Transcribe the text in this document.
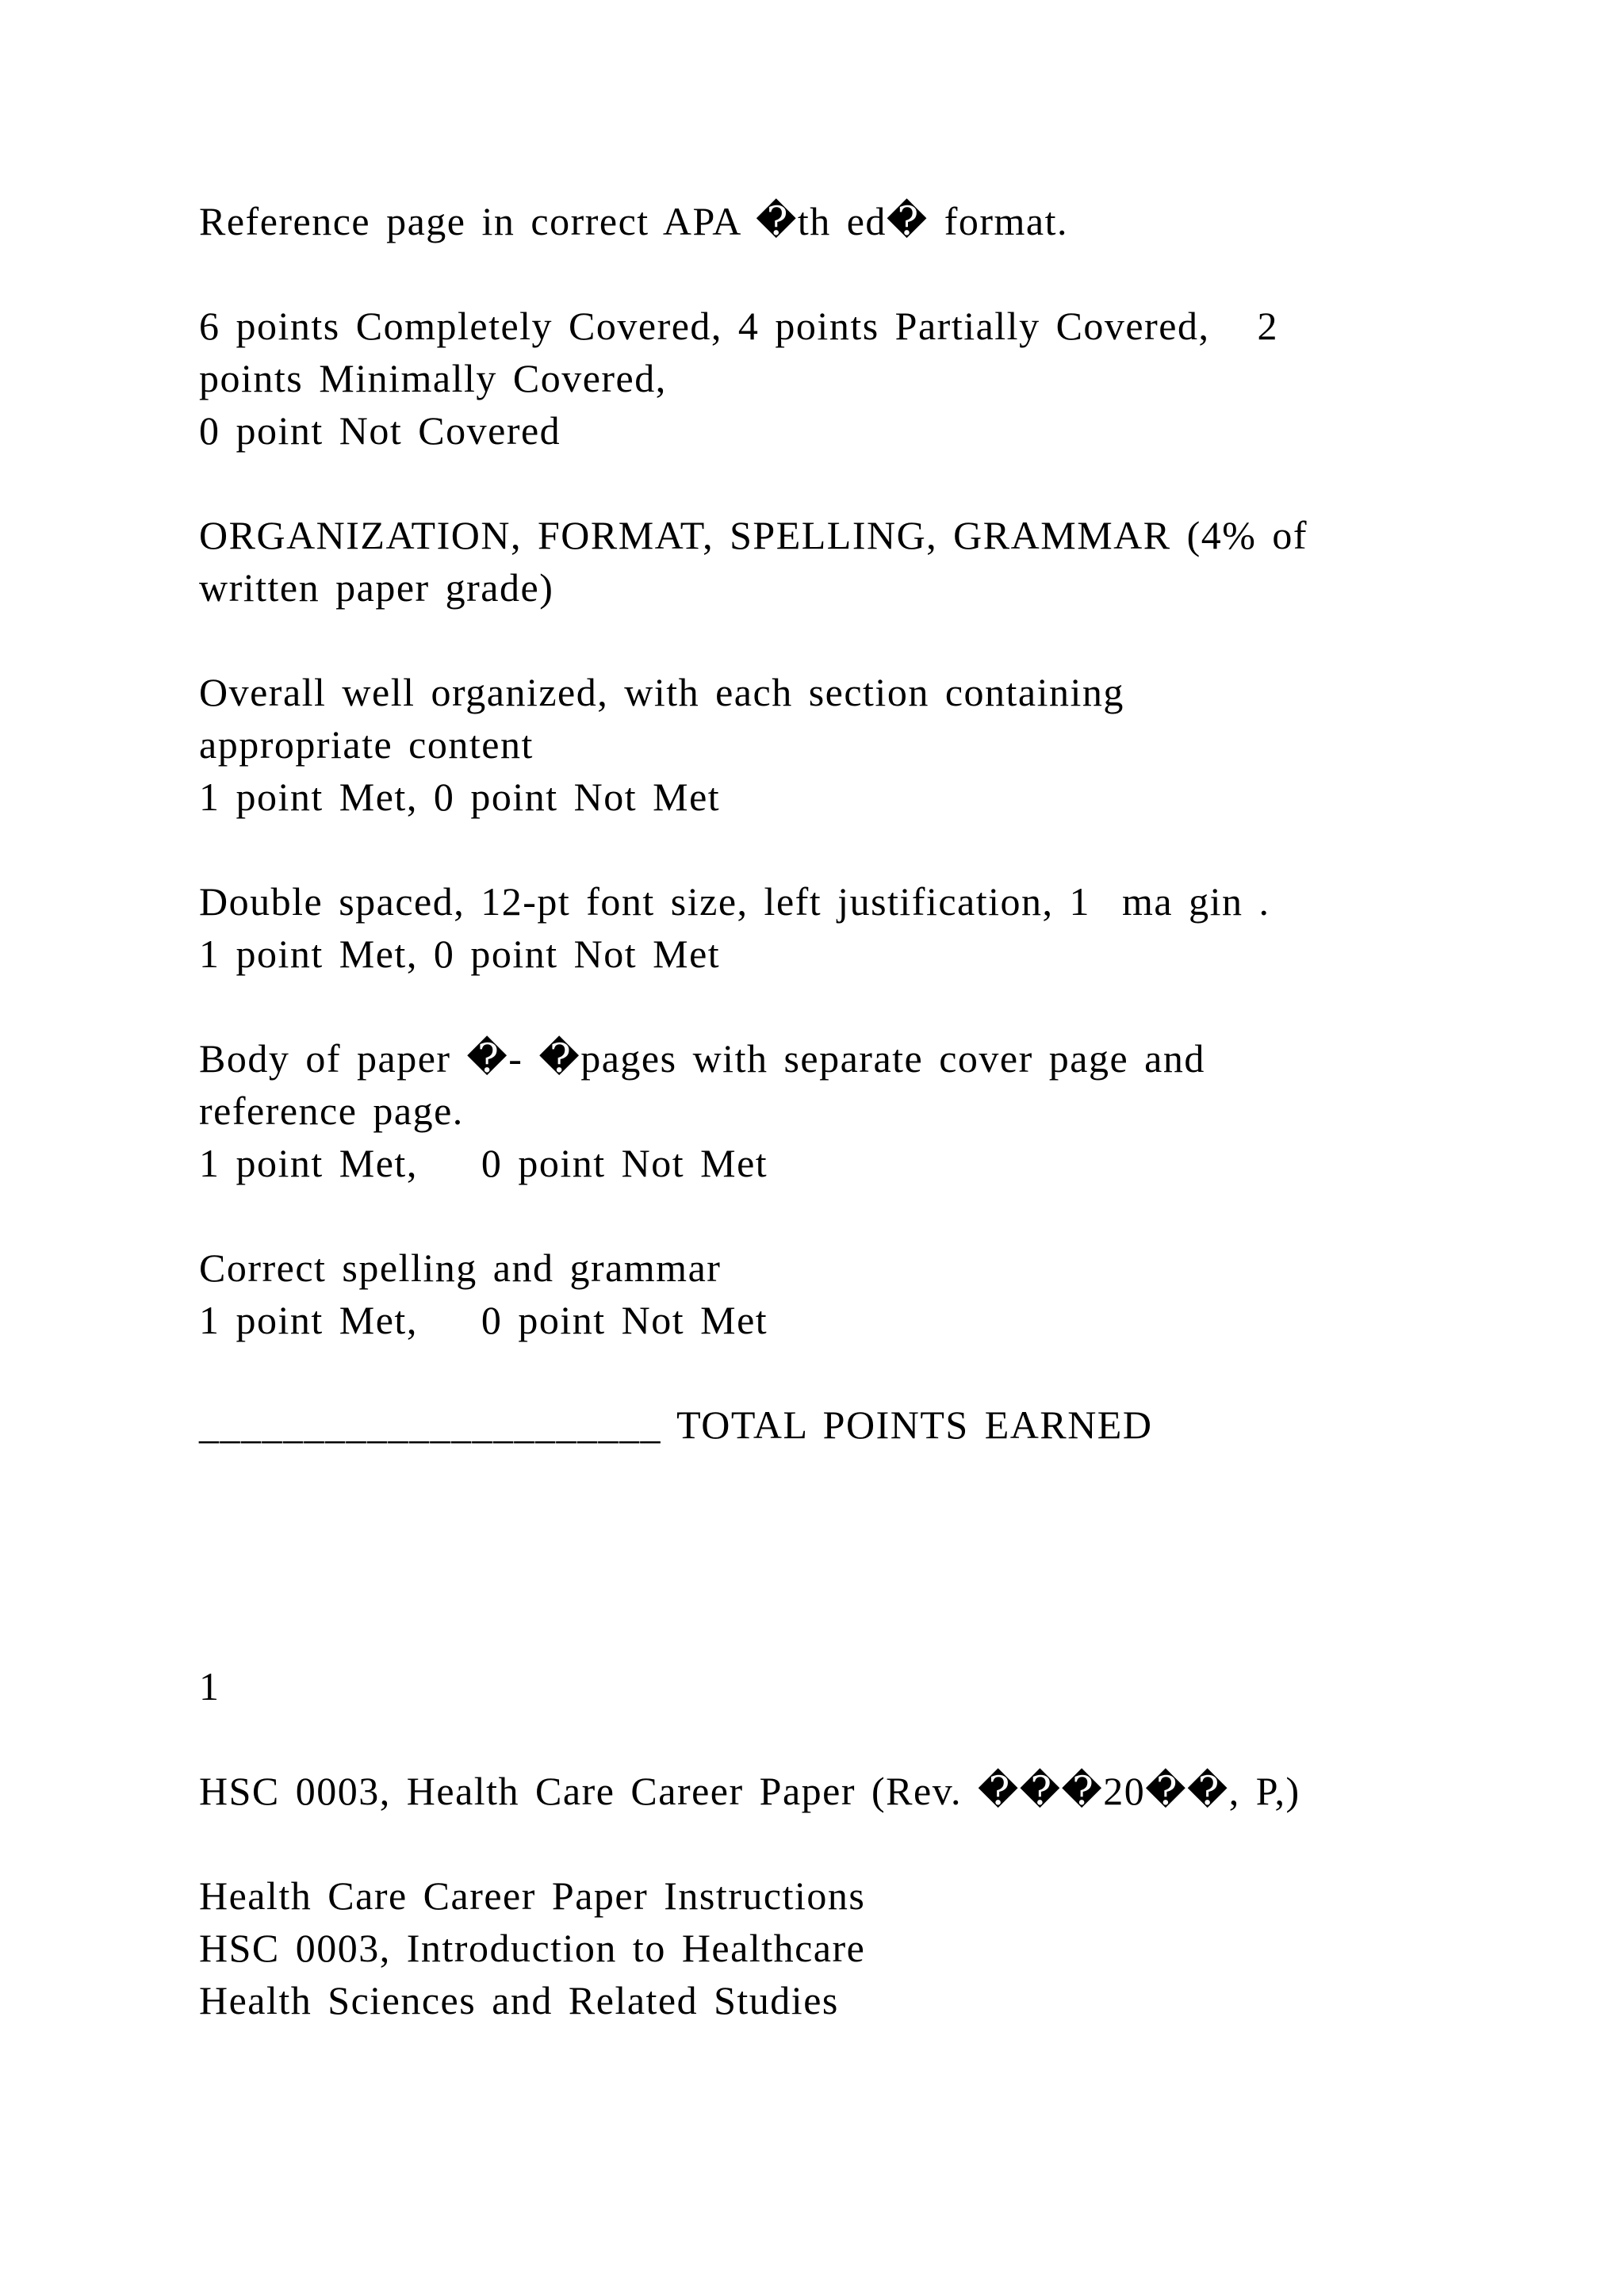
Reference page in correct APA �th ed� format.
6 points Completely Covered, 4 points Partially Covered,   2
points Minimally Covered,
0 point Not Covered
ORGANIZATION, FORMAT, SPELLING, GRAMMAR (4% of
written paper grade)
Overall well organized, with each section containing
appropriate content
1 point Met, 0 point Not Met
Double spaced, 12-pt font size, left justification, 1  ma gin .
1 point Met, 0 point Not Met
Body of paper �- �pages with separate cover page and
reference page.
1 point Met,    0 point Not Met
Correct spelling and grammar
1 point Met,    0 point Not Met
______________________ TOTAL POINTS EARNED
1
HSC 0003, Health Care Career Paper (Rev. ���20��, P,)
Health Care Career Paper Instructions
HSC 0003, Introduction to Healthcare
Health Sciences and Related Studies
